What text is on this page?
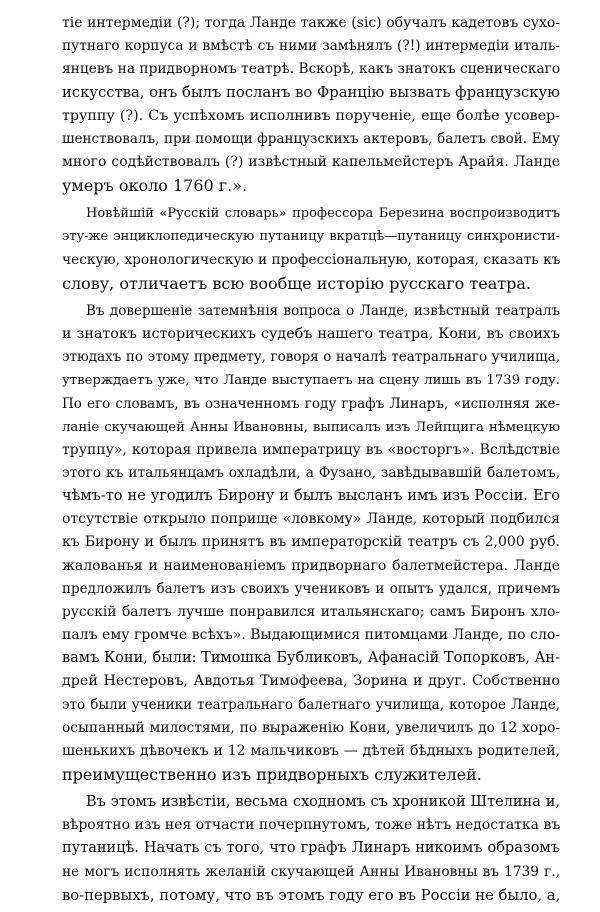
тiе интермедiи (?); тогда Ланде также (sic) обучалъ кадетовъ сухо-
путнаго корпуса и вмѣстѣ съ ними замѣнялъ (?!) интермедiи италь-
янцевъ на придворномъ театрѣ. Вскорѣ, какъ знатокъ сценическаго
искусства, онъ былъ посланъ во Францiю вызвать французскую
труппу (?). Съ успѣхомъ исполнивъ порученiе, еще болѣе усовер-
шенствовалъ, при помощи французскихъ актеровъ, балетъ свой. Ему
много содѣйствовалъ (?) извѣстный капельмейстеръ Арайя. Ланде
умеръ около 1760 г.».
Новѣйшiй «Русскiй словарь» профессора Березина воспроизводитъ
эту-же энциклопедическую путаницу вкратцѣ—путаницу синхронисти-
ческую, хронологическую и профессiональную, которая, сказать къ
слову, отличаетъ всю вообще исторiю русскаго театра.
Въ довершенiе затемнѣнiя вопроса о Ланде, извѣстный театралъ
и знатокъ историческихъ судебъ нашего театра, Кони, въ своихъ
этюдахъ по этому предмету, говоря о началѣ театральнаго училища,
утверждаетъ уже, что Ланде выступаетъ на сцену лишь въ 1739 году.
По его словамъ, въ означенномъ году графъ Линаръ, «исполняя же-
ланiе скучающей Анны Ивановны, выписалъ изъ Лейпцига нѣмецкую
труппу», которая привела императрицу въ «восторгъ». Вслѣдствiе
этого къ итальянцамъ охладѣли, а Фузано, завѣдывавшiй балетомъ,
чѣмъ-то не угодилъ Бирону и былъ высланъ имъ изъ Россiи. Его
отсутствiе открыло поприще «ловкому» Ланде, который подбился
къ Бирону и былъ принятъ въ императорскiй театръ съ 2,000 руб.
жалованья и наименованiемъ придворнаго балетмейстера. Ланде
предложилъ балетъ изъ своихъ учениковъ и опытъ удался, причемъ
русскiй балетъ лучше понравился итальянскаго; самъ Биронъ хло-
палъ ему громче всѣхъ». Выдающимися питомцами Ланде, по сло-
вамъ Кони, были: Тимошка Бубликовъ, Афанасiй Топорковъ, Ан-
дрей Нестеровъ, Авдотья Тимофеева, Зорина и друг. Собственно
это были ученики театральнаго балетнаго училища, которое Ланде,
осыпанный милостями, по выраженiю Кони, увеличилъ до 12 хоро-
шенькихъ дѣвочекъ и 12 мальчиковъ — дѣтей бѣдныхъ родителей,
преимущественно изъ придворныхъ служителей.
Въ этомъ извѣстiи, весьма сходномъ съ хроникой Штелина и,
вѣроятно изъ нея отчасти почерпнутомъ, тоже нѣтъ недостатка въ
путаницѣ. Начать съ того, что графъ Линаръ никоимъ образомъ
не могъ исполнять желанiй скучающей Анны Ивановны въ 1739 г.,
во-первыхъ, потому, что въ этомъ году его въ Россiи не было, а,
